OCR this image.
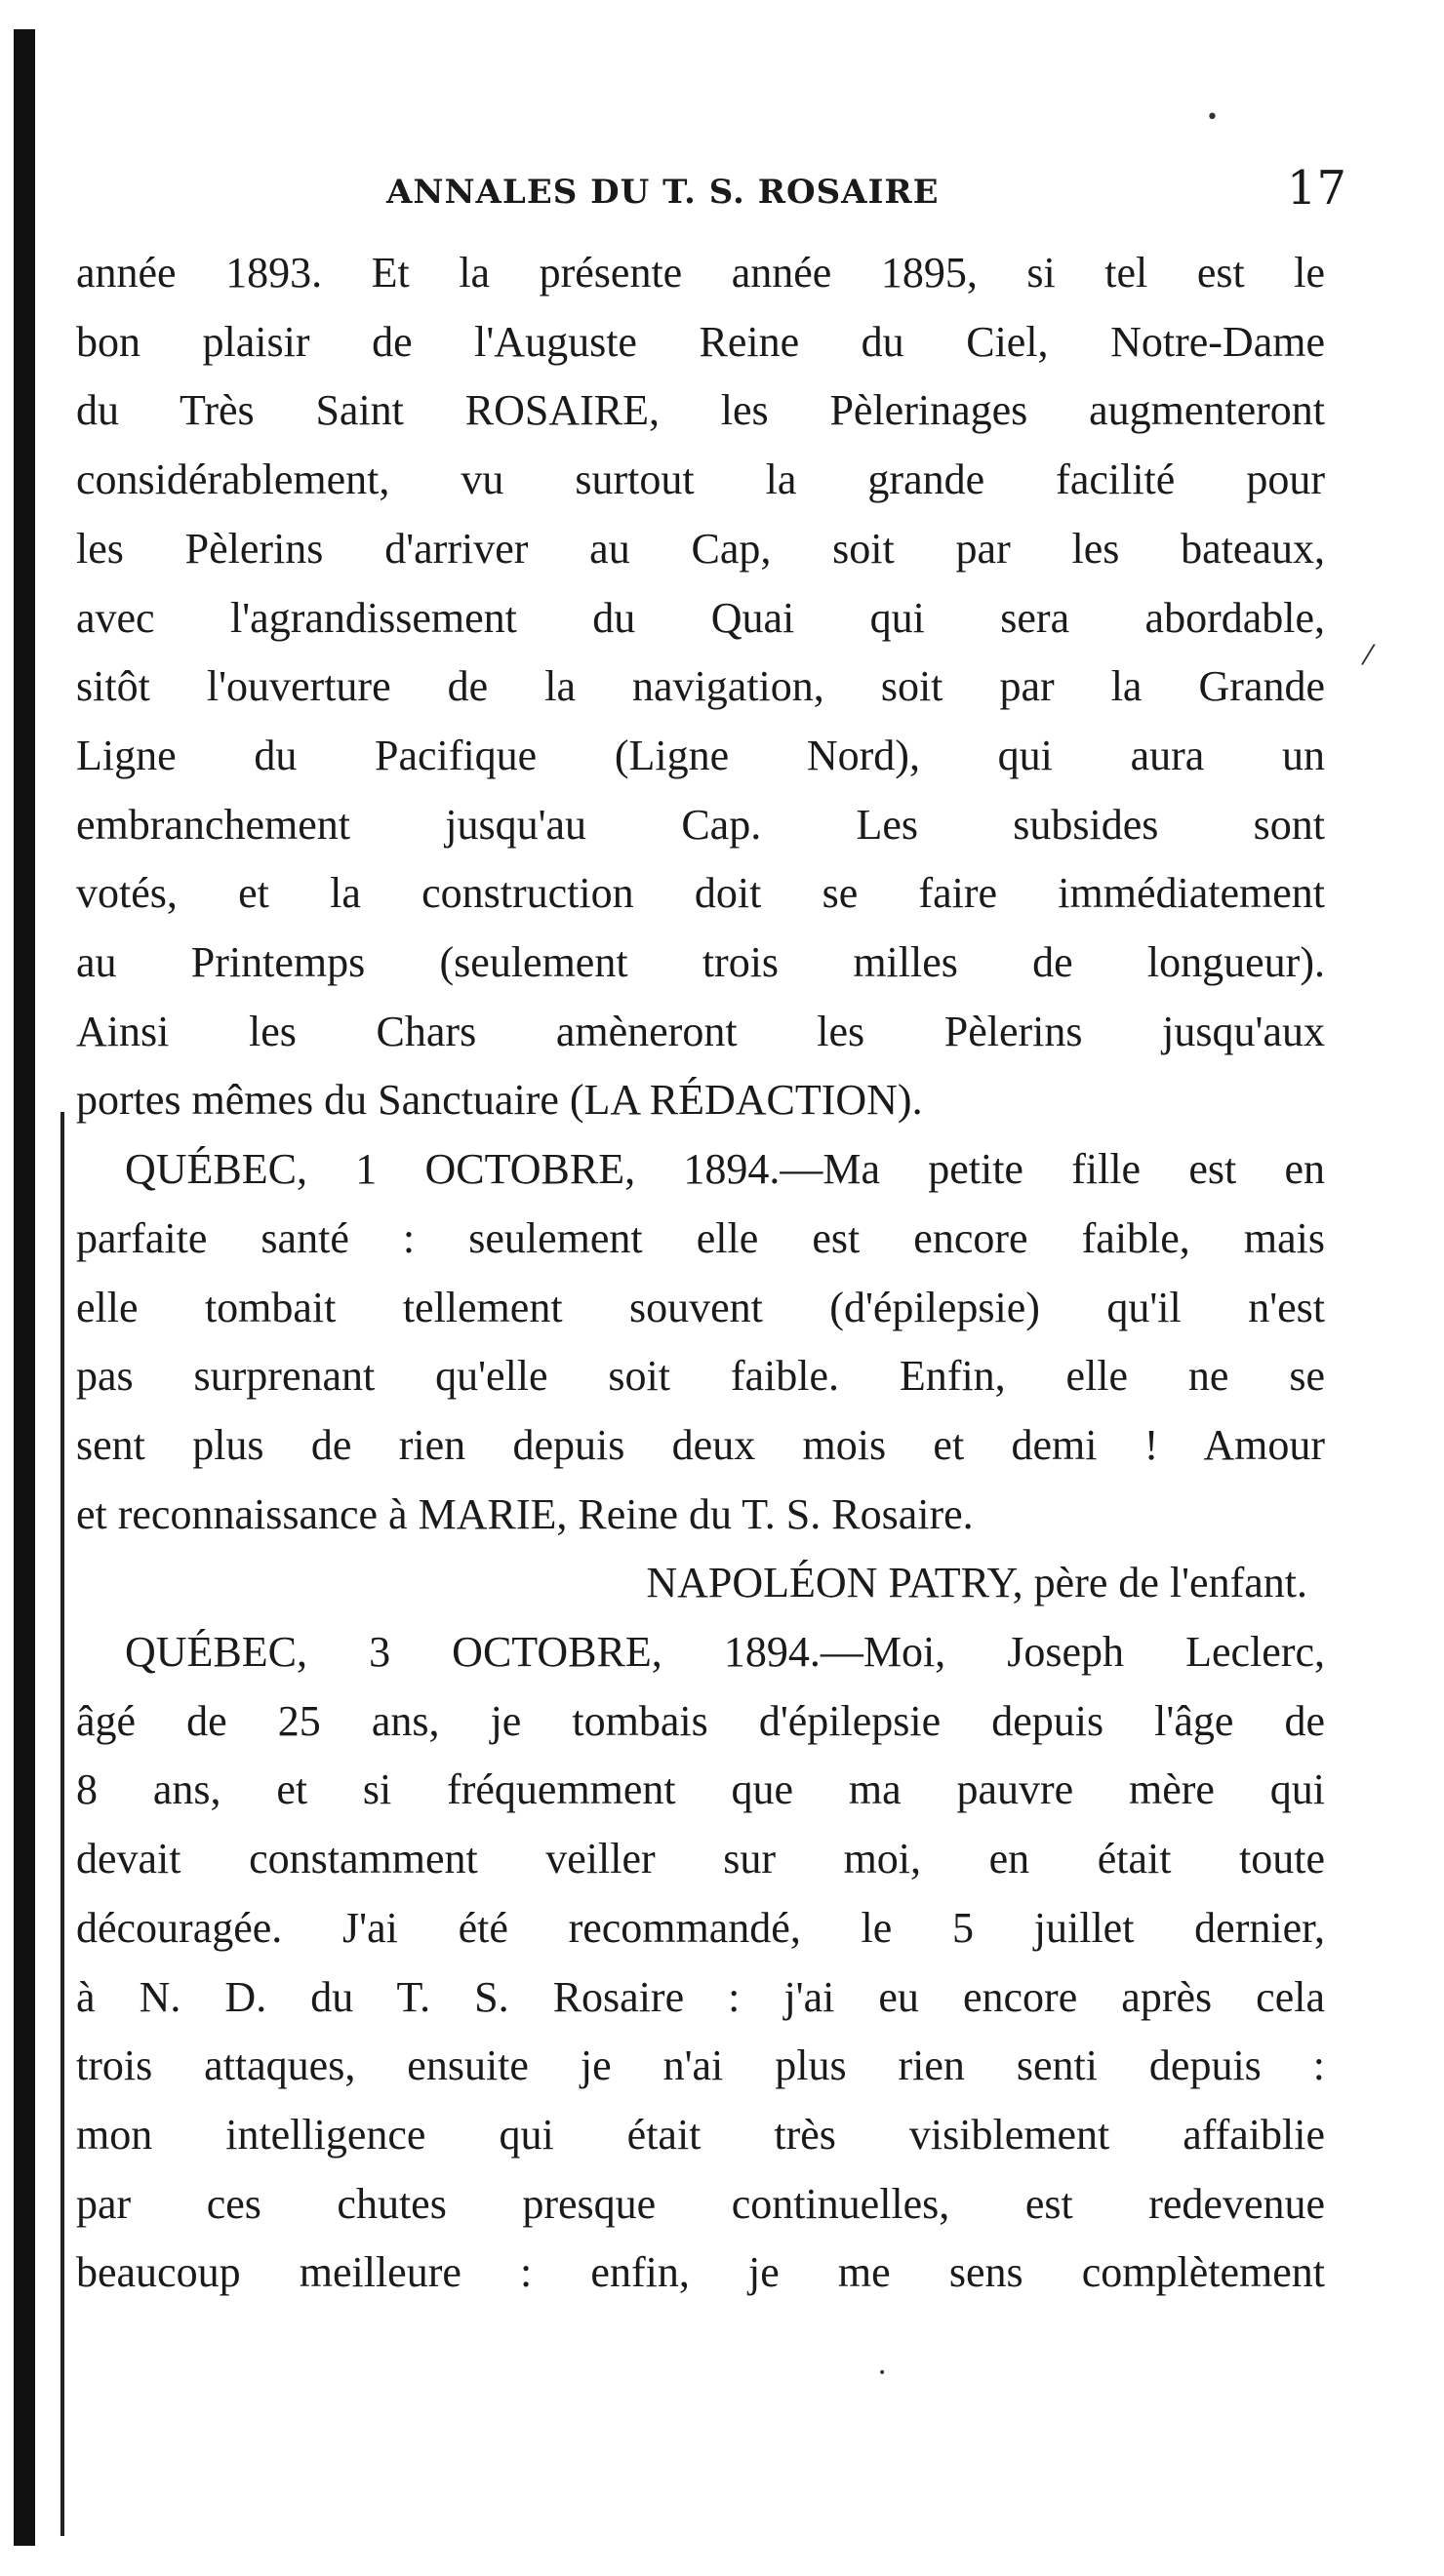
•
⁄
•
ANNALES DU T. S. ROSAIRE	17
année 1893. Et la présente année 1895, si tel est le
bon plaisir de l'Auguste Reine du Ciel, Notre-Dame
du Très Saint ROSAIRE, les Pèlerinages augmenteront
considérablement, vu surtout la grande facilité pour
les Pèlerins d'arriver au Cap, soit par les bateaux,
avec l'agrandissement du Quai qui sera abordable,
sitôt l'ouverture de la navigation, soit par la Grande
Ligne du Pacifique (Ligne Nord), qui aura un
embranchement jusqu'au Cap. Les subsides sont
votés, et la construction doit se faire immédiatement
au Printemps (seulement trois milles de longueur).
Ainsi les Chars amèneront les Pèlerins jusqu'aux
portes mêmes du Sanctuaire (LA RÉDACTION).
QUÉBEC, 1 OCTOBRE, 1894.—Ma petite fille est en
parfaite santé : seulement elle est encore faible, mais
elle tombait tellement souvent (d'épilepsie) qu'il n'est
pas surprenant qu'elle soit faible. Enfin, elle ne se
sent plus de rien depuis deux mois et demi ! Amour
et reconnaissance à MARIE, Reine du T. S. Rosaire.
NAPOLÉON PATRY, père de l'enfant.
QUÉBEC, 3 OCTOBRE, 1894.—Moi, Joseph Leclerc,
âgé de 25 ans, je tombais d'épilepsie depuis l'âge de
8 ans, et si fréquemment que ma pauvre mère qui
devait constamment veiller sur moi, en était toute
découragée. J'ai été recommandé, le 5 juillet dernier,
à N. D. du T. S. Rosaire : j'ai eu encore après cela
trois attaques, ensuite je n'ai plus rien senti depuis :
mon intelligence qui était très visiblement affaiblie
par ces chutes presque continuelles, est redevenue
beaucoup meilleure : enfin, je me sens complètement
